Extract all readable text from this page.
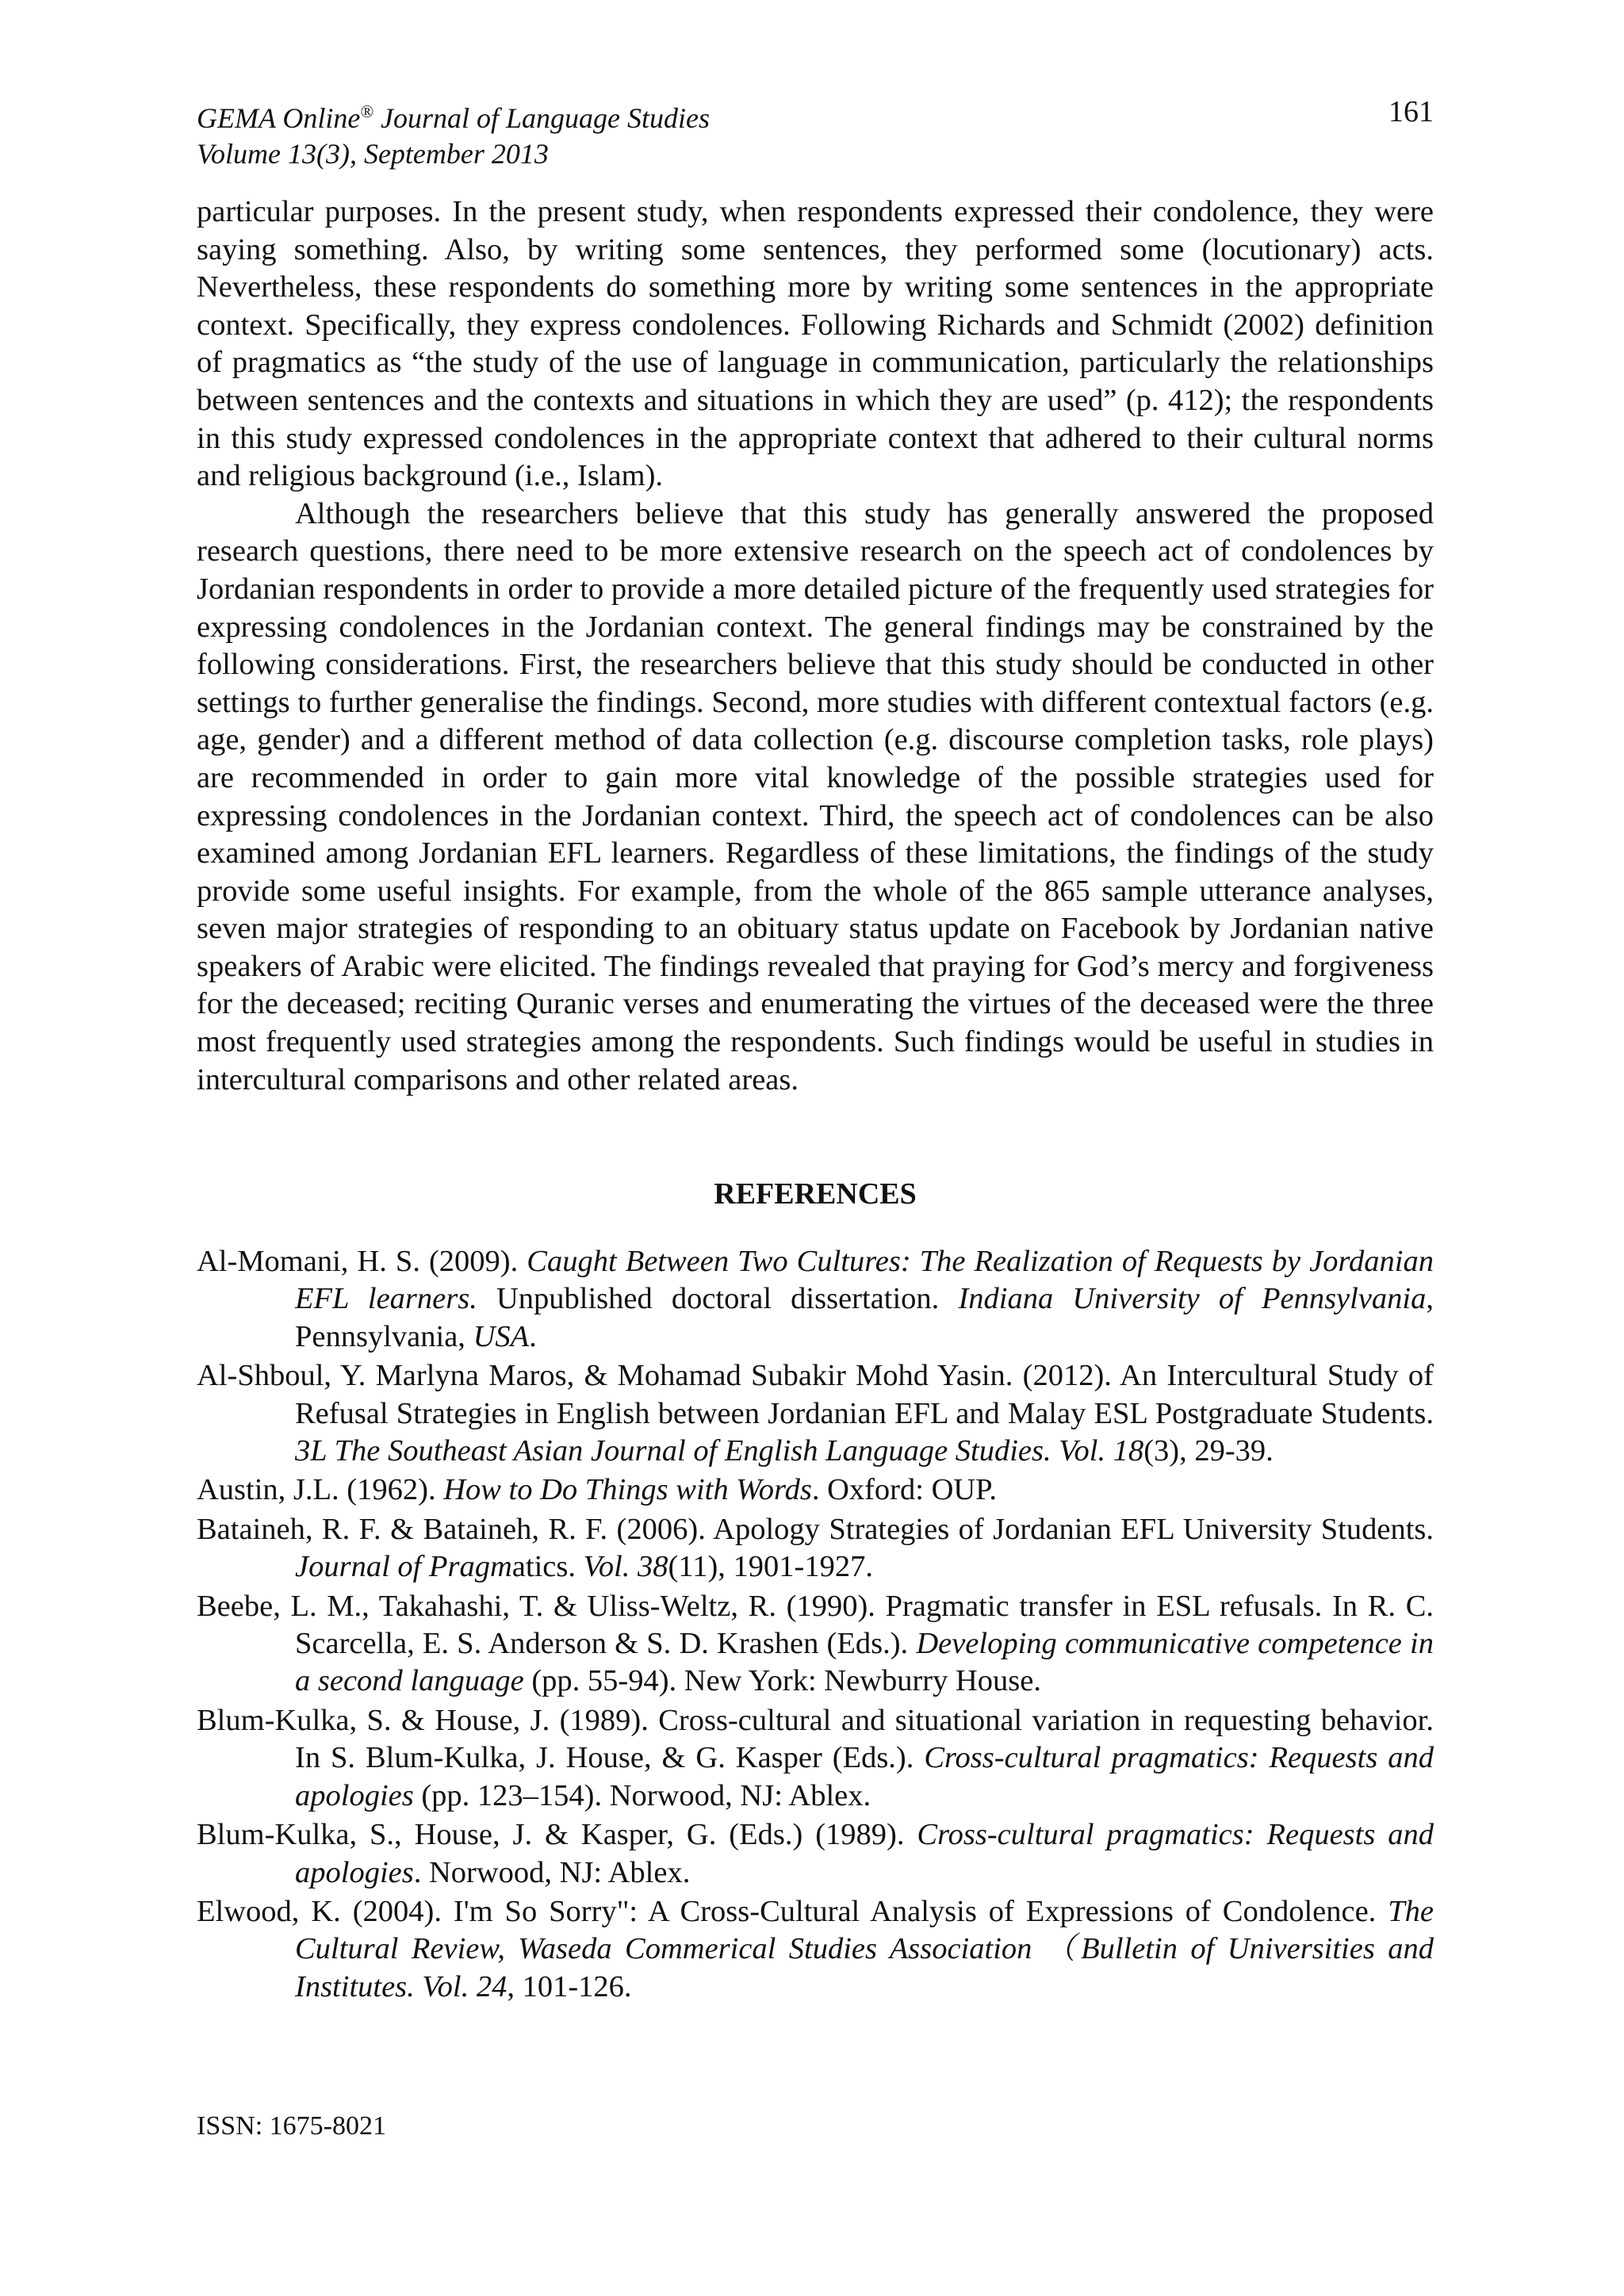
GEMA Online® Journal of Language Studies
Volume 13(3), September 2013
161

particular purposes. In the present study, when respondents expressed their condolence, they were saying something. Also, by writing some sentences, they performed some (locutionary) acts. Nevertheless, these respondents do something more by writing some sentences in the appropriate context. Specifically, they express condolences. Following Richards and Schmidt (2002) definition of pragmatics as “the study of the use of language in communication, particularly the relationships between sentences and the contexts and situations in which they are used” (p. 412); the respondents in this study expressed condolences in the appropriate context that adhered to their cultural norms and religious background (i.e., Islam).

Although the researchers believe that this study has generally answered the proposed research questions, there need to be more extensive research on the speech act of condolences by Jordanian respondents in order to provide a more detailed picture of the frequently used strategies for expressing condolences in the Jordanian context. The general findings may be constrained by the following considerations. First, the researchers believe that this study should be conducted in other settings to further generalise the findings. Second, more studies with different contextual factors (e.g. age, gender) and a different method of data collection (e.g. discourse completion tasks, role plays) are recommended in order to gain more vital knowledge of the possible strategies used for expressing condolences in the Jordanian context. Third, the speech act of condolences can be also examined among Jordanian EFL learners. Regardless of these limitations, the findings of the study provide some useful insights. For example, from the whole of the 865 sample utterance analyses, seven major strategies of responding to an obituary status update on Facebook by Jordanian native speakers of Arabic were elicited. The findings revealed that praying for God’s mercy and forgiveness for the deceased; reciting Quranic verses and enumerating the virtues of the deceased were the three most frequently used strategies among the respondents. Such findings would be useful in studies in intercultural comparisons and other related areas.

REFERENCES

Al-Momani, H. S. (2009). Caught Between Two Cultures: The Realization of Requests by Jordanian EFL learners. Unpublished doctoral dissertation. Indiana University of Pennsylvania, Pennsylvania, USA.

Al-Shboul, Y. Marlyna Maros, & Mohamad Subakir Mohd Yasin. (2012). An Intercultural Study of Refusal Strategies in English between Jordanian EFL and Malay ESL Postgraduate Students. 3L The Southeast Asian Journal of English Language Studies. Vol. 18(3), 29-39.

Austin, J.L. (1962). How to Do Things with Words. Oxford: OUP.

Bataineh, R. F. & Bataineh, R. F. (2006). Apology Strategies of Jordanian EFL University Students. Journal of Pragmatics. Vol. 38(11), 1901-1927.

Beebe, L. M., Takahashi, T. & Uliss-Weltz, R. (1990). Pragmatic transfer in ESL refusals. In R. C. Scarcella, E. S. Anderson & S. D. Krashen (Eds.). Developing communicative competence in a second language (pp. 55-94). New York: Newburry House.

Blum-Kulka, S. & House, J. (1989). Cross-cultural and situational variation in requesting behavior. In S. Blum-Kulka, J. House, & G. Kasper (Eds.). Cross-cultural pragmatics: Requests and apologies (pp. 123–154). Norwood, NJ: Ablex.

Blum-Kulka, S., House, J. & Kasper, G. (Eds.) (1989). Cross-cultural pragmatics: Requests and apologies. Norwood, NJ: Ablex.

Elwood, K. (2004). I'm So Sorry": A Cross-Cultural Analysis of Expressions of Condolence. The Cultural Review, Waseda Commerical Studies Association （Bulletin of Universities and Institutes. Vol. 24, 101-126.

ISSN: 1675-8021
